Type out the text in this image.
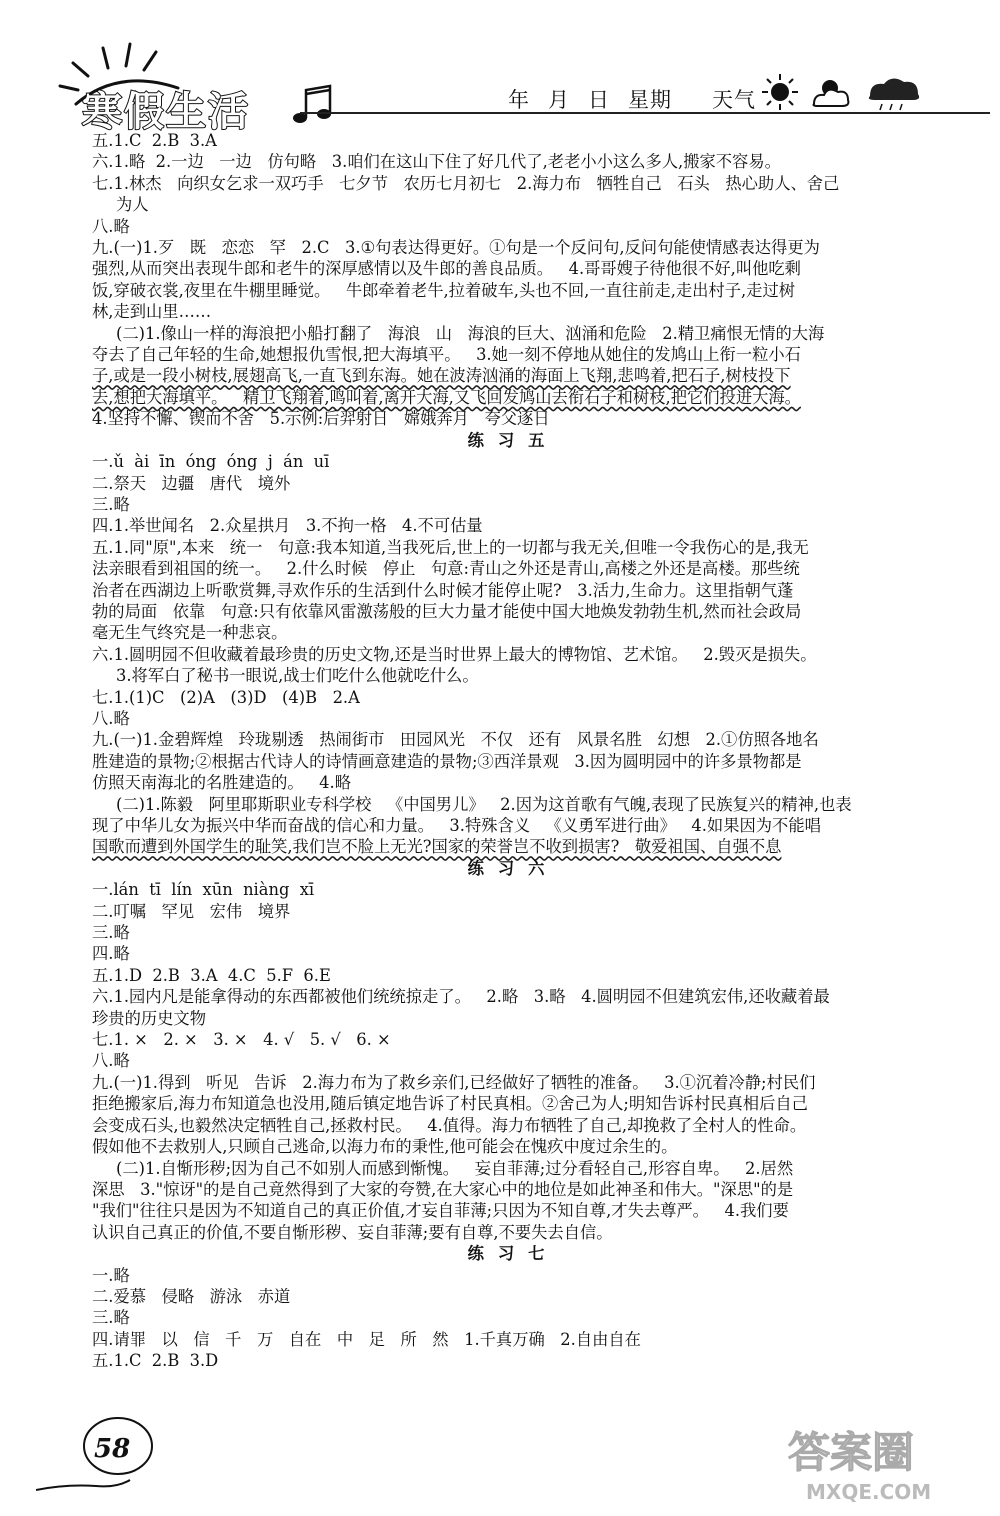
寒假生活	年 月 日 星期 天气

五.1.C  2.B  3.A

六.1.略  2.一边   一边   仿句略   3.咱们在这山下住了好几代了,老老小小这么多人,搬家不容易。

七.1.林杰   向织女乞求一双巧手   七夕节   农历七月初七   2.海力布   牺牲自己   石头   热心助人、舍己

为人

八.略

九.(一)1.歹   既   恋恋   罕   2.C   3.①句表达得更好。①句是一个反问句,反问句能使情感表达得更为

强烈,从而突出表现牛郎和老牛的深厚感情以及牛郎的善良品质。   4.哥哥嫂子待他很不好,叫他吃剩

饭,穿破衣裳,夜里在牛棚里睡觉。   牛郎牵着老牛,拉着破车,头也不回,一直往前走,走出村子,走过树

林,走到山里……

(二)1.像山一样的海浪把小船打翻了   海浪   山   海浪的巨大、汹涌和危险   2.精卫痛恨无情的大海

夺去了自己年轻的生命,她想报仇雪恨,把大海填平。   3.她一刻不停地从她住的发鸠山上衔一粒小石

子,或是一段小树枝,展翅高飞,一直飞到东海。她在波涛汹涌的海面上飞翔,悲鸣着,把石子,树枝投下

去,想把大海填平。   精卫飞翔着,鸣叫着,离开大海,又飞回发鸠山去衔石子和树枝,把它们投进大海。

4.坚持不懈、锲而不舍   5.示例:后羿射日   嫦娥奔月   夸父逐日

练习五

一.ǔ  ài  īn  óng  óng  j  án  uī

二.祭天   边疆   唐代   境外

三.略

四.1.举世闻名   2.众星拱月   3.不拘一格   4.不可估量

五.1.同"原",本来   统一   句意:我本知道,当我死后,世上的一切都与我无关,但唯一令我伤心的是,我无

法亲眼看到祖国的统一。   2.什么时候   停止   句意:青山之外还是青山,高楼之外还是高楼。那些统

治者在西湖边上听歌赏舞,寻欢作乐的生活到什么时候才能停止呢?   3.活力,生命力。这里指朝气蓬

勃的局面   依靠   句意:只有依靠风雷激荡般的巨大力量才能使中国大地焕发勃勃生机,然而社会政局

毫无生气终究是一种悲哀。

六.1.圆明园不但收藏着最珍贵的历史文物,还是当时世界上最大的博物馆、艺术馆。   2.毁灭是损失。

3.将军白了秘书一眼说,战士们吃什么他就吃什么。

七.1.(1)C   (2)A   (3)D   (4)B   2.A

八.略

九.(一)1.金碧辉煌   玲珑剔透   热闹街市   田园风光   不仅   还有   风景名胜   幻想   2.①仿照各地名

胜建造的景物;②根据古代诗人的诗情画意建造的景物;③西洋景观   3.因为圆明园中的许多景物都是

仿照天南海北的名胜建造的。   4.略

(二)1.陈毅   阿里耶斯职业专科学校   《中国男儿》   2.因为这首歌有气魄,表现了民族复兴的精神,也表

现了中华儿女为振兴中华而奋战的信心和力量。   3.特殊含义   《义勇军进行曲》   4.如果因为不能唱

国歌而遭到外国学生的耻笑,我们岂不脸上无光?国家的荣誉岂不收到损害?   敬爱祖国、自强不息

练习六

一.lán  tī  lín  xūn  niàng  xī

二.叮嘱   罕见   宏伟   境界

三.略

四.略

五.1.D  2.B  3.A  4.C  5.F  6.E

六.1.园内凡是能拿得动的东西都被他们统统掠走了。   2.略   3.略   4.圆明园不但建筑宏伟,还收藏着最

珍贵的历史文物

七.1. ×   2. ×   3. ×   4. √   5. √   6. ×

八.略

九.(一)1.得到   听见   告诉   2.海力布为了救乡亲们,已经做好了牺牲的准备。   3.①沉着冷静;村民们

拒绝搬家后,海力布知道急也没用,随后镇定地告诉了村民真相。②舍己为人;明知告诉村民真相后自己

会变成石头,也毅然决定牺牲自己,拯救村民。   4.值得。海力布牺牲了自己,却挽救了全村人的性命。

假如他不去救别人,只顾自己逃命,以海力布的秉性,他可能会在愧疚中度过余生的。

(二)1.自惭形秽;因为自己不如别人而感到惭愧。   妄自菲薄;过分看轻自己,形容自卑。   2.居然

深思   3."惊讶"的是自己竟然得到了大家的夸赞,在大家心中的地位是如此神圣和伟大。"深思"的是

"我们"往往只是因为不知道自己的真正价值,才妄自菲薄;只因为不知自尊,才失去尊严。   4.我们要

认识自己真正的价值,不要自惭形秽、妄自菲薄;要有自尊,不要失去自信。

练习七

一.略

二.爱慕   侵略   游泳   赤道

三.略

四.请罪   以   信   千   万   自在   中   足   所   然   1.千真万确   2.自由自在

五.1.C  2.B  3.D

58	答案圈
MXQE.COM
